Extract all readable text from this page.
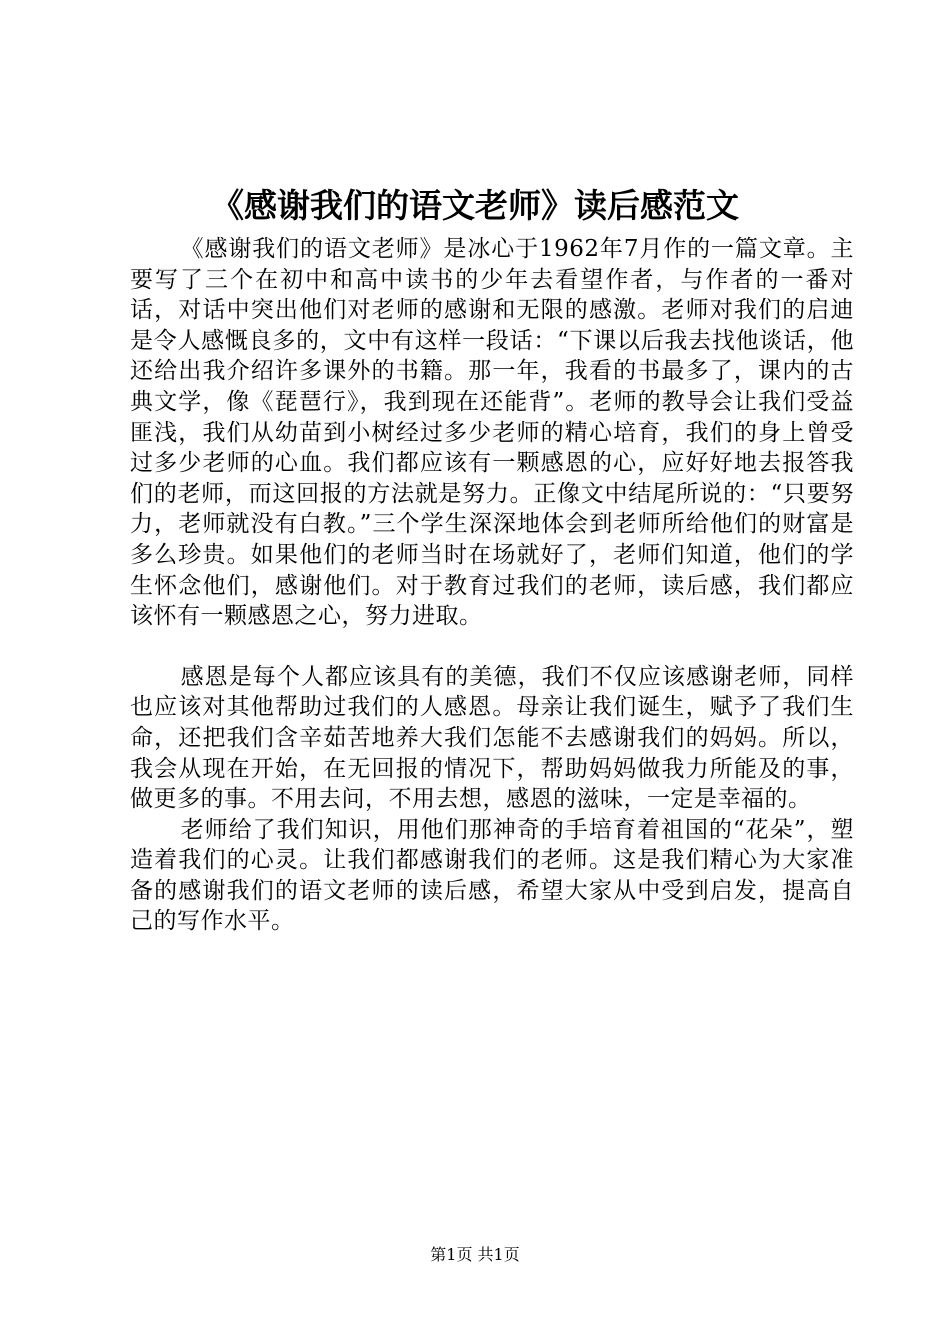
《感谢我们的语文老师》读后感范文

《感谢我们的语文老师》是冰心于1962年7月作的一篇文章。主要写了三个在初中和高中读书的少年去看望作者，与作者的一番对话，对话中突出他们对老师的感谢和无限的感激。老师对我们的启迪是令人感慨良多的，文中有这样一段话：“下课以后我去找他谈话，他还给出我介绍许多课外的书籍。那一年，我看的书最多了，课内的古典文学，像《琵琶行》，我到现在还能背”。老师的教导会让我们受益匪浅，我们从幼苗到小树经过多少老师的精心培育，我们的身上曾受过多少老师的心血。我们都应该有一颗感恩的心，应好好地去报答我们的老师，而这回报的方法就是努力。正像文中结尾所说的：“只要努力，老师就没有白教。”三个学生深深地体会到老师所给他们的财富是多么珍贵。如果他们的老师当时在场就好了，老师们知道，他们的学生怀念他们，感谢他们。对于教育过我们的老师，读后感，我们都应该怀有一颗感恩之心，努力进取。

感恩是每个人都应该具有的美德，我们不仅应该感谢老师，同样也应该对其他帮助过我们的人感恩。母亲让我们诞生，赋予了我们生命，还把我们含辛茹苦地养大我们怎能不去感谢我们的妈妈。所以，我会从现在开始，在无回报的情况下，帮助妈妈做我力所能及的事，做更多的事。不用去问，不用去想，感恩的滋味，一定是幸福的。

老师给了我们知识，用他们那神奇的手培育着祖国的“花朵”，塑造着我们的心灵。让我们都感谢我们的老师。这是我们精心为大家准备的感谢我们的语文老师的读后感，希望大家从中受到启发，提高自己的写作水平。

第1页 共1页
